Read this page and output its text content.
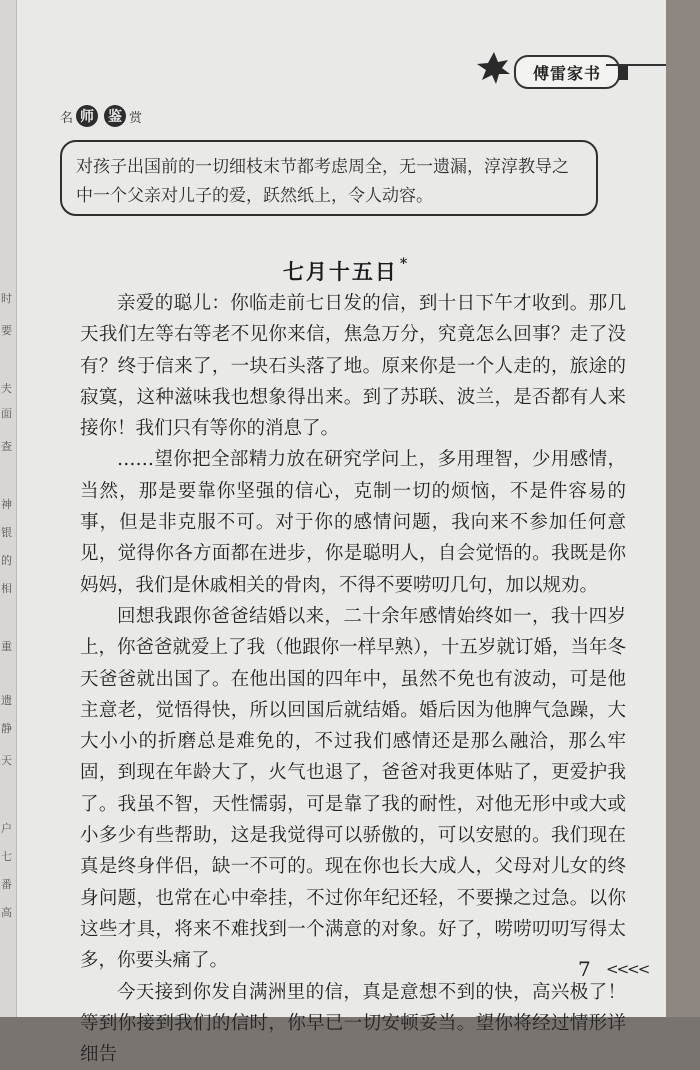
傅雷家书
名 师 鉴 赏
对孩子出国前的一切细枝末节都考虑周全，无一遗漏，淳淳教导之中一个父亲对儿子的爱，跃然纸上，令人动容。
七月十五日 *

亲爱的聪儿：你临走前七日发的信，到十日下午才收到。那几天我们左等右等老不见你来信，焦急万分，究竟怎么回事？走了没有？终于信来了，一块石头落了地。原来你是一个人走的，旅途的寂寞，这种滋味我也想象得出来。到了苏联、波兰，是否都有人来接你！我们只有等你的消息了。

……望你把全部精力放在研究学问上，多用理智，少用感情，当然，那是要靠你坚强的信心，克制一切的烦恼，不是件容易的事，但是非克服不可。对于你的感情问题，我向来不参加任何意见，觉得你各方面都在进步，你是聪明人，自会觉悟的。我既是你妈妈，我们是休戚相关的骨肉，不得不要唠叨几句，加以规劝。

回想我跟你爸爸结婚以来，二十余年感情始终如一，我十四岁上，你爸爸就爱上了我（他跟你一样早熟），十五岁就订婚，当年冬天爸爸就出国了。在他出国的四年中，虽然不免也有波动，可是他主意老，觉悟得快，所以回国后就结婚。婚后因为他脾气急躁，大大小小的折磨总是难免的，不过我们感情还是那么融洽，那么牢固，到现在年龄大了，火气也退了，爸爸对我更体贴了，更爱护我了。我虽不智，天性懦弱，可是靠了我的耐性，对他无形中或大或小多少有些帮助，这是我觉得可以骄傲的，可以安慰的。我们现在真是终身伴侣，缺一不可的。现在你也长大成人，父母对儿女的终身问题，也常在心中牵挂，不过你年纪还轻，不要操之过急。以你这些才具，将来不难找到一个满意的对象。好了，唠唠叨叨写得太多，你要头痛了。

今天接到你发自满洲里的信，真是意想不到的快，高兴极了！等到你接到我们的信时，你早已一切安顿妥当。望你将经过情形详细告

7 <<<<
时
要
夫
面
查
神
银
的
相
重
遗
静
天
户
七
番
高
